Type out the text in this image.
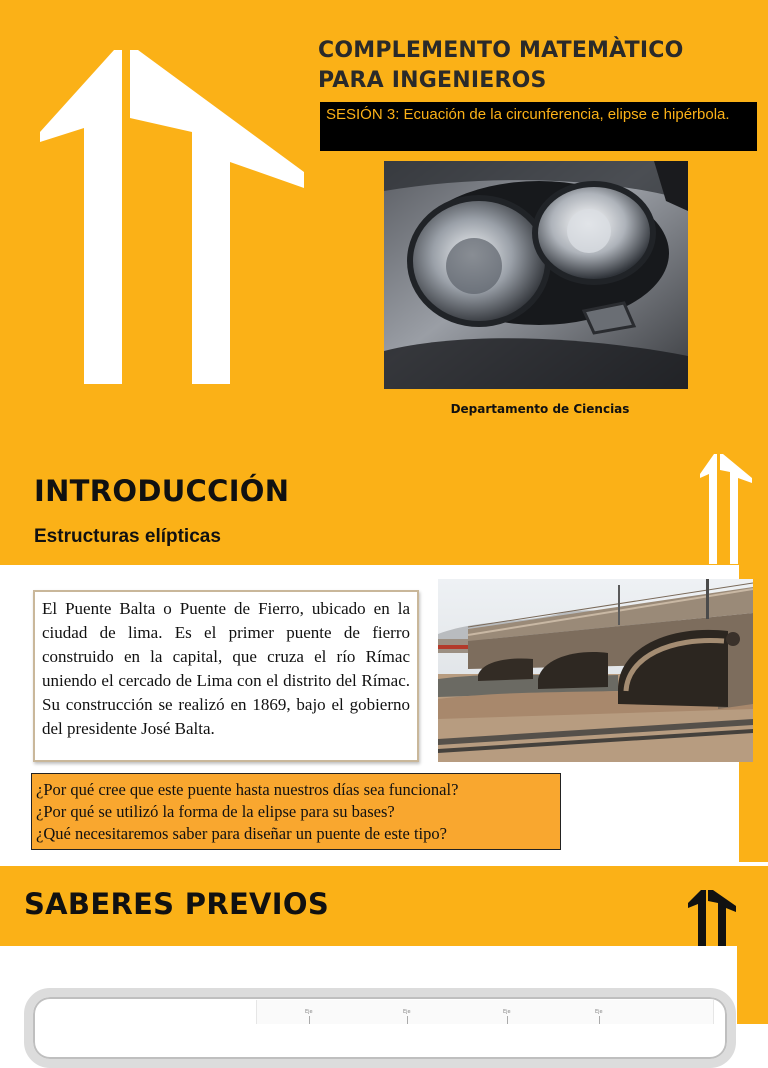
COMPLEMENTO MATEMÀTICO
PARA INGENIEROS
SESIÓN 3: Ecuación de la circunferencia, elipse e hipérbola.
Departamento de Ciencias
INTRODUCCIÓN
Estructuras elípticas
El Puente Balta o Puente de Fierro, ubicado en la ciudad de lima. Es el primer puente de fierro construido en la capital, que cruza el río Rímac uniendo el cercado de Lima con el distrito del Rímac. Su construcción se realizó en 1869, bajo el gobierno del presidente José Balta.
¿Por qué cree que este puente hasta nuestros días sea funcional?
¿Por qué se utilizó la forma de la elipse para su bases?
¿Qué necesitaremos saber para diseñar un puente de este tipo?
SABERES PREVIOS
Eje	Eje	Eje	Eje
